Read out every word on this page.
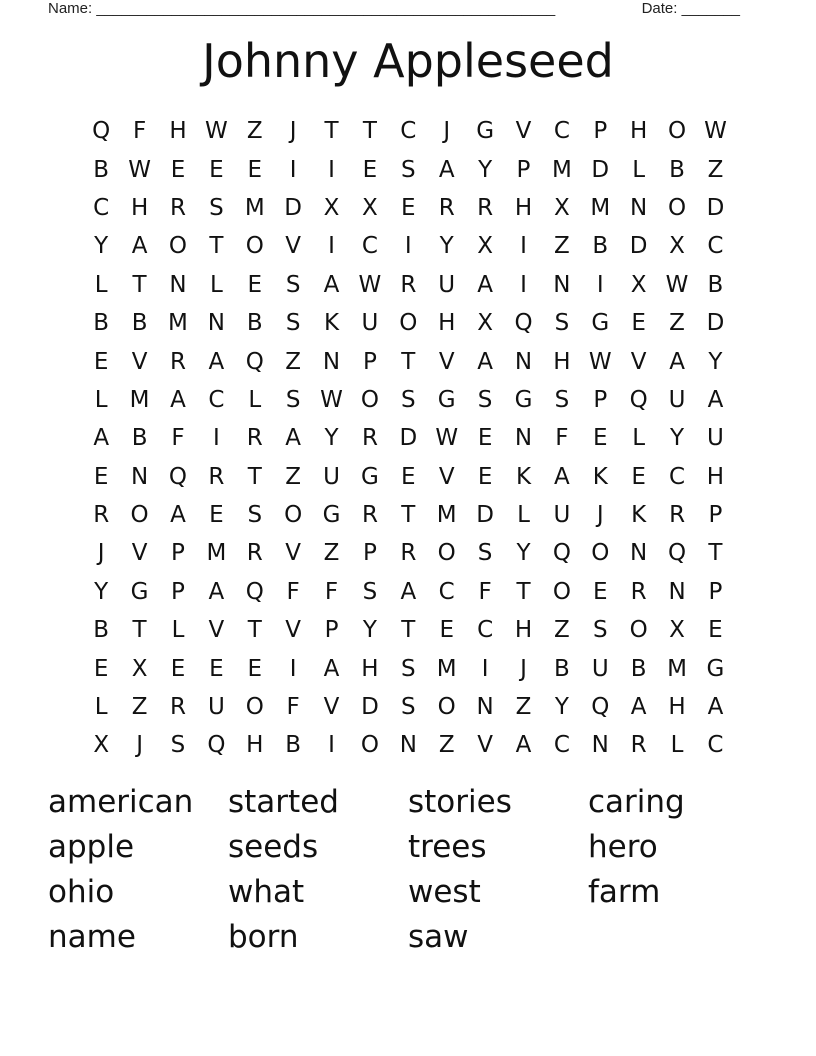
Name: _______________________________________________________	Date: _______
Johnny Appleseed
Q F	H W Z	J	T	T	C	J	G V C	P H O W
B W E	E	E	I	I	E	S	A	Y	P M D	L	B Z
C H R	S M D X X	E	R R H X M N O D
Y	A O T O V	I	C	I	Y	X	I	Z B D X C
L	T N	L	E	S	A W R U A	I	N	I	X W B
B B M N B	S	K U O H X Q S G E	Z D
E	V R A Q Z N P	T	V A N H W V A	Y
L M A C	L	S W O S G S G S	P Q U A
A B	F	I	R A	Y	R D W E N	F	E	L	Y U
E N Q R	T	Z U G E	V	E	K A K	E	C H
R O A	E	S O G R	T M D	L	U	J	K R	P
J	V	P M R V Z	P	R O S	Y Q O N Q T
Y G P	A Q F	F	S	A C	F	T O E	R N P
B	T	L	V	T	V	P	Y	T	E	C H Z	S O X	E
E	X	E	E	E	I	A H S M	I	J	B U B M G
L	Z R U O F	V D S O N Z	Y Q A H A
X	J	S Q H B	I	O N Z V A C N R	L	C
american	started	stories	caring
apple	seeds	trees	hero
ohio	what	west	farm
name	born	saw
